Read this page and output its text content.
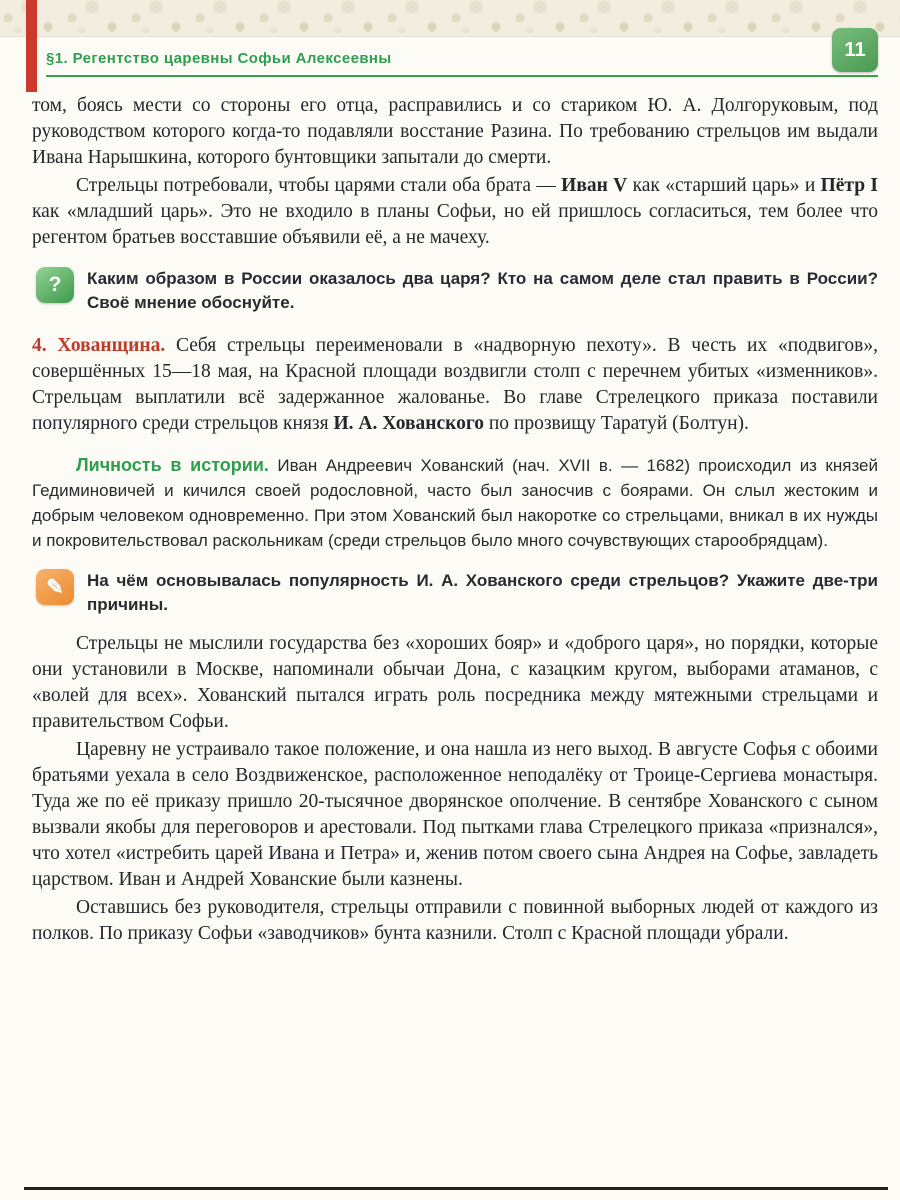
§1. Регентство царевны Софьи Алексеевны	11

том, боясь мести со стороны его отца, расправились и со стариком Ю. А. Долгоруковым, под руководством которого когда-то подавляли восстание Разина. По требованию стрельцов им выдали Ивана Нарышкина, которого бунтовщики запытали до смерти.

Стрельцы потребовали, чтобы царями стали оба брата — Иван V как «старший царь» и Пётр I как «младший царь». Это не входило в планы Софьи, но ей пришлось согласиться, тем более что регентом братьев восставшие объявили её, а не мачеху.

? Каким образом в России оказалось два царя? Кто на самом деле стал править в России? Своё мнение обоснуйте.

4. Хованщина. Себя стрельцы переименовали в «надворную пехоту». В честь их «подвигов», совершённых 15—18 мая, на Красной площади воздвигли столп с перечнем убитых «изменников». Стрельцам выплатили всё задержанное жалованье. Во главе Стрелецкого приказа поставили популярного среди стрельцов князя И. А. Хованского по прозвищу Таратуй (Болтун).

Личность в истории. Иван Андреевич Хованский (нач. XVII в. — 1682) происходил из князей Гедиминовичей и кичился своей родословной, часто был заносчив с боярами. Он слыл жестоким и добрым человеком одновременно. При этом Хованский был накоротке со стрельцами, вникал в их нужды и покровительствовал раскольникам (среди стрельцов было много сочувствующих старообрядцам).
✎ На чём основывалась популярность И. А. Хованского среди стрельцов? Укажите две-три причины.

Стрельцы не мыслили государства без «хороших бояр» и «доброго царя», но порядки, которые они установили в Москве, напоминали обычаи Дона, с казацким кругом, выборами атаманов, с «волей для всех». Хованский пытался играть роль посредника между мятежными стрельцами и правительством Софьи.

Царевну не устраивало такое положение, и она нашла из него выход. В августе Софья с обоими братьями уехала в село Воздвиженское, расположенное неподалёку от Троице-Сергиева монастыря. Туда же по её приказу пришло 20-тысячное дворянское ополчение. В сентябре Хованского с сыном вызвали якобы для переговоров и арестовали. Под пытками глава Стрелецкого приказа «признался», что хотел «истребить царей Ивана и Петра» и, женив потом своего сына Андрея на Софье, завладеть царством. Иван и Андрей Хованские были казнены.

Оставшись без руководителя, стрельцы отправили с повинной выборных людей от каждого из полков. По приказу Софьи «заводчиков» бунта казнили. Столп с Красной площади убрали.
